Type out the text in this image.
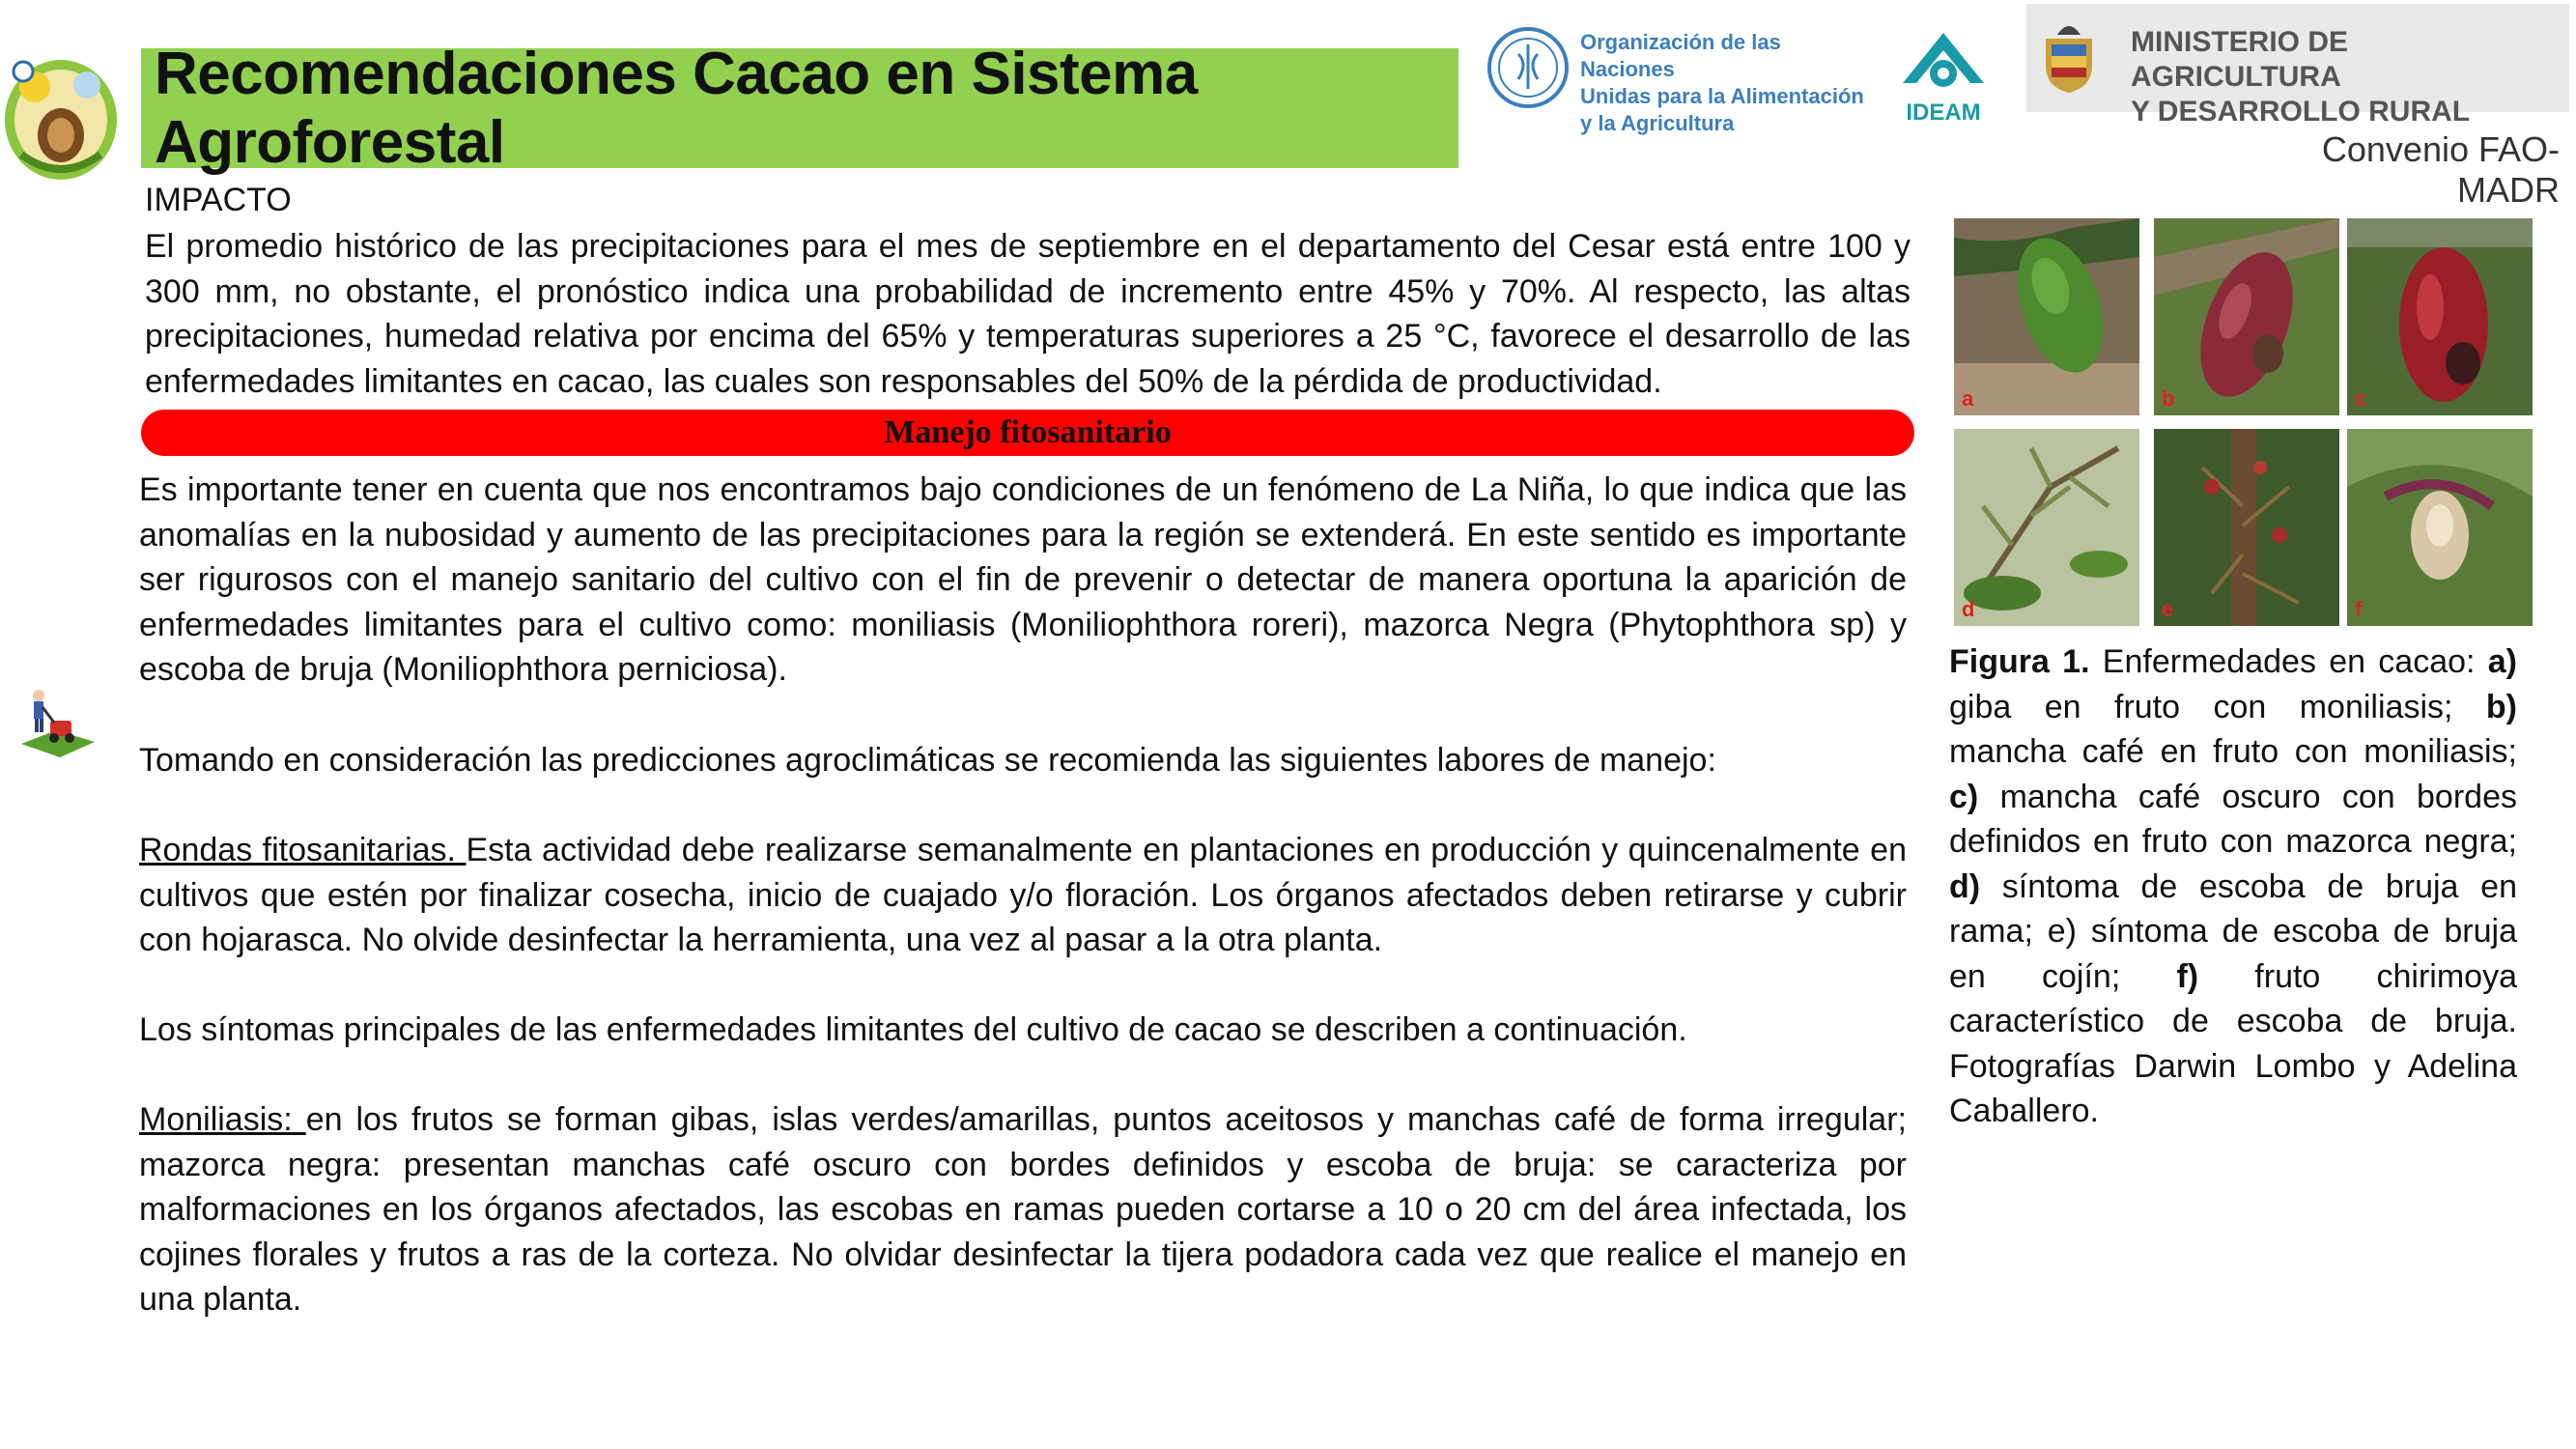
Recomendaciones Cacao en Sistema Agroforestal
Organización de las Naciones
Unidas para la Alimentación
y la Agricultura	IDEAM
MINISTERIO DE AGRICULTURA
Y DESARROLLO RURAL
Convenio FAO-MADR
IMPACTO
El promedio histórico de las precipitaciones para el mes de septiembre en el departamento del Cesar está entre 100 y 300 mm, no obstante, el pronóstico indica una probabilidad de incremento entre 45% y 70%. Al respecto, las altas precipitaciones, humedad relativa por encima del 65% y temperaturas superiores a 25 °C, favorece el desarrollo de las enfermedades limitantes en cacao, las cuales son responsables del 50% de la pérdida de productividad.
Manejo fitosanitario
Es importante tener en cuenta que nos encontramos bajo condiciones de un fenómeno de La Niña, lo que indica que las anomalías en la nubosidad y aumento de las precipitaciones para la región se extenderá. En este sentido es importante ser rigurosos con el manejo sanitario del cultivo con el fin de prevenir o detectar de manera oportuna la aparición de enfermedades limitantes para el cultivo como: moniliasis (Moniliophthora roreri), mazorca Negra (Phytophthora sp) y escoba de bruja (Moniliophthora perniciosa).
Tomando en consideración las predicciones agroclimáticas se recomienda las siguientes labores de manejo:
Rondas fitosanitarias. Esta actividad debe realizarse semanalmente en plantaciones en producción y quincenalmente en cultivos que estén por finalizar cosecha, inicio de cuajado y/o floración. Los órganos afectados deben retirarse y cubrir con hojarasca. No olvide desinfectar la herramienta, una vez al pasar a la otra planta.
Los síntomas principales de las enfermedades limitantes del cultivo de cacao se describen a continuación.
Moniliasis: en los frutos se forman gibas, islas verdes/amarillas, puntos aceitosos y manchas café de forma irregular; mazorca negra: presentan manchas café oscuro con bordes definidos y escoba de bruja: se caracteriza por malformaciones en los órganos afectados, las escobas en ramas pueden cortarse a 10 o 20 cm del área infectada, los cojines florales y frutos a ras de la corteza. No olvidar desinfectar la tijera podadora cada vez que realice el manejo en una planta.
a	b	c
d	e	f
Figura 1. Enfermedades en cacao: a) giba en fruto con moniliasis; b) mancha café en fruto con moniliasis; c) mancha café oscuro con bordes definidos en fruto con mazorca negra; d) síntoma de escoba de bruja en rama; e) síntoma de escoba de bruja en cojín; f) fruto chirimoya característico de escoba de bruja. Fotografías Darwin Lombo y Adelina Caballero.
